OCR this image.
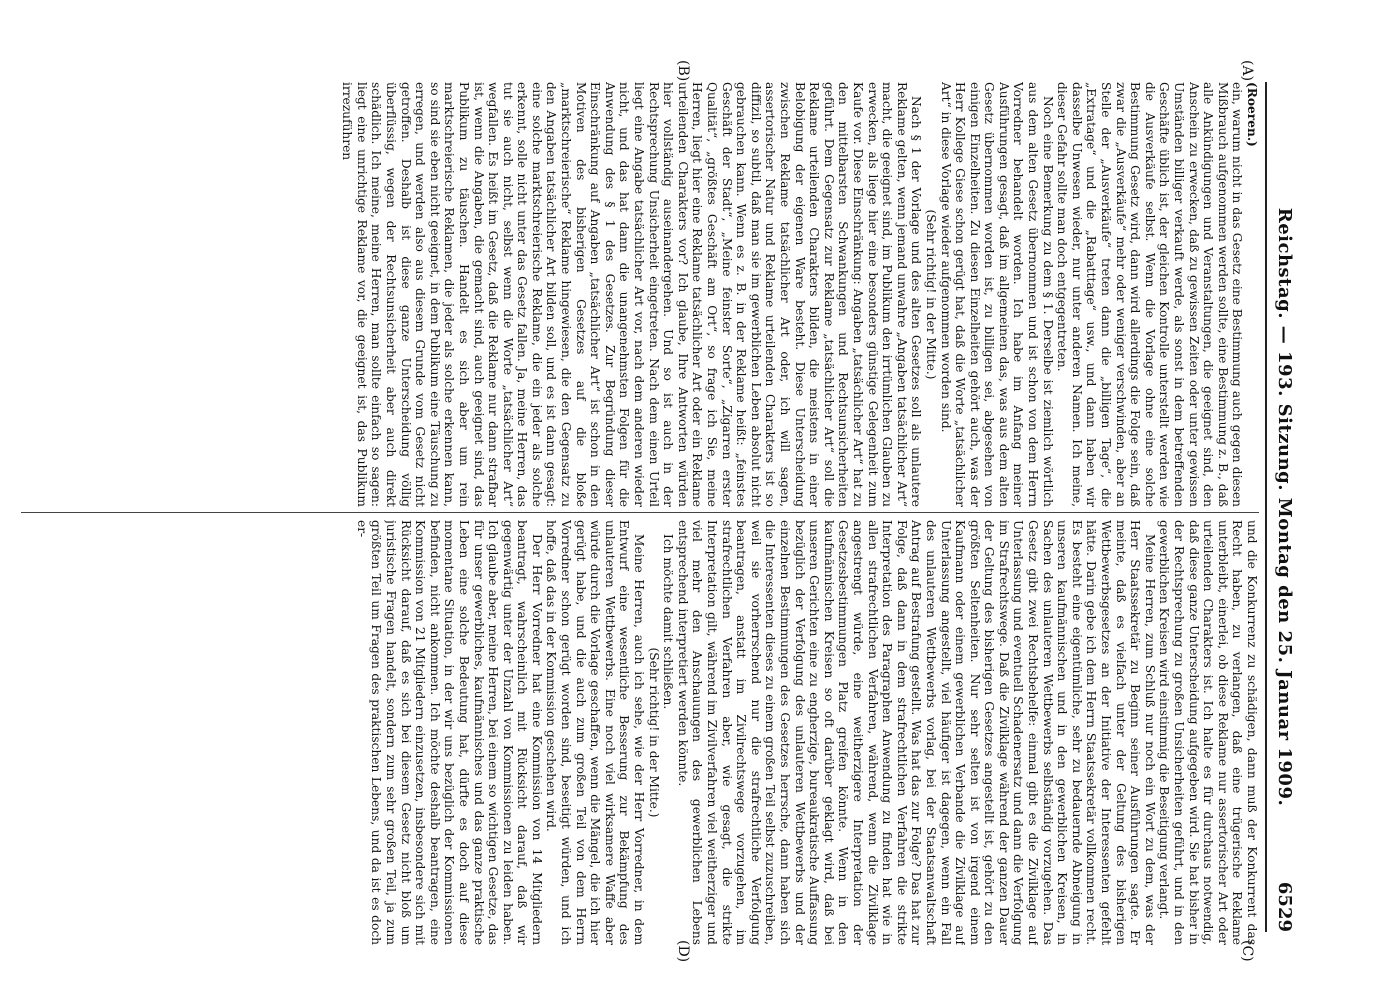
Reichstag. — 193. Sitzung. Montag den 25. Januar 1909.
6529
(A)
(B)
(C)
(D)

(Roeren.)

ein, warum nicht in das Gesetz eine Bestimmung auch gegen diesen Mißbrauch aufgenommen werden sollte, eine Bestimmung z. B., daß alle Ankündigungen und Veranstaltungen, die geeignet sind, den Anschein zu erwecken, daß zu gewissen Zeiten oder unter gewissen Umständen billiger verkauft werde, als sonst in dem betreffenden Geschäfte üblich ist, der gleichen Kontrolle unterstellt werden wie die Ausverkäufe selbst. Wenn die Vorlage ohne eine solche Bestimmung Gesetz wird, dann wird allerdings die Folge sein, daß zwar die „Ausverkäufe“ mehr oder weniger verschwinden, aber an Stelle der „Ausverkäufe“ treten dann die „billigen Tage“, die „Extratage“ und die „Rabatttage“ usw., und dann haben wir dasselbe Unwesen wieder, nur unter anderen Namen. Ich meine, dieser Gefahr sollte man doch entgegentreten.

Noch eine Bemerkung zu dem § 1. Derselbe ist ziemlich wörtlich aus dem alten Gesetz übernommen und ist schon von dem Herrn Vorredner behandelt worden. Ich habe im Anfang meiner Ausführungen gesagt, daß im allgemeinen das, was aus dem alten Gesetz übernommen worden ist, zu billigen sei, abgesehen von einigen Einzelheiten. Zu diesen Einzelheiten gehört auch, was der Herr Kollege Giese schon gerügt hat, daß die Worte „tatsächlicher Art“ in diese Vorlage wieder aufgenommen worden sind.

(Sehr richtig! in der Mitte.)

Nach § 1 der Vorlage und des alten Gesetzes soll als unlautere Reklame gelten, wenn jemand unwahre „Angaben tatsächlicher Art“ macht, die geeignet sind, im Publikum den irrtümlichen Glauben zu erwecken, als liege hier eine besonders günstige Gelegenheit zum Kaufe vor. Diese Einschränkung: Angaben „tatsächlicher Art“ hat zu den mittelbarsten Schwankungen und Rechtsunsicherheiten geführt. Dem Gegensatz zur Reklame „tatsächlicher Art“ soll die Reklame urteilenden Charakters bilden, die meistens in einer Belobigung der eigenen Ware besteht. Diese Unterscheidung zwischen Reklame tatsächlicher Art oder, ich will sagen, assertorischer Natur und Reklame urteilenden Charakters ist so diffizil, so subtil, daß man sie im gewerblichen Leben absolut nicht gebrauchen kann. Wenn es z. B. in der Reklame heißt: „feinstes Geschäft der Stadt“, „Meine feinster Sorte“, „Zigarren erster Qualität“, „größtes Geschäft am Ort“, so frage ich Sie, meine Herren, liegt hier eine Reklame tatsächlicher Art oder ein Reklame urteilenden Charakters vor? Ich glaube, Ihre Antworten würden hier vollständig auseinandergehen. Und so ist auch in der Rechtsprechung Unsicherheit eingetreten. Nach dem einen Urteil liegt eine Angabe tatsächlicher Art vor, nach dem anderen wieder nicht, und das hat dann die unangenehmsten Folgen für die Anwendung des § 1 des Gesetzes. Zur Begründung dieser Einschränkung auf Angaben „tatsächlicher Art“ ist schon in den Motiven des bisherigen Gesetzes auf die bloße „marktschreierische“ Reklame hingewiesen, die den Gegensatz zu den Angaben tatsächlicher Art bilden soll, und es ist dann gesagt: eine solche marktschreierische Reklame, die ein jeder als solche erkennt, solle nicht unter das Gesetz fallen. Ja, meine Herren, das tut sie auch nicht, selbst wenn die Worte „tatsächlicher Art“ wegfallen. Es heißt im Gesetz, daß die Reklame nur dann strafbar ist, wenn die Angaben, die gemacht sind, auch geeignet sind, das Publikum zu täuschen. Handelt es sich aber um rein marktschreierische Reklamen, die jeder als solche erkennen kann, so sind sie eben nicht geeignet, in dem Publikum eine Täuschung zu erregen, und werden also aus diesem Grunde vom Gesetz nicht getroffen. Deshalb ist diese ganze Unterscheidung völlig überflüssig, wegen der Rechtsunsicherheit aber auch direkt schädlich. Ich meine, meine Herren, man sollte einfach so sagen: liegt eine unrichtige Reklame vor, die geeignet ist, das Publikum irrezuführen

und die Konkurrenz zu schädigen, dann muß der Konkurrent das Recht haben, zu verlangen, daß eine trügerische Reklame unterbleibt, einerlei, ob diese Reklame nur assertorischer Art oder urteilenden Charakters ist. Ich halte es für durchaus notwendig, daß diese ganze Unterscheidung aufgegeben wird. Sie hat bisher in der Rechtsprechung zu großen Unsicherheiten geführt, und in den gewerblichen Kreisen wird einstimmig die Beseitigung verlangt.

Meine Herren, zum Schluß nur noch ein Wort zu dem, was der Herr Staatssekretär zu Beginn seiner Ausführungen sagte. Er meinte, daß es vielfach unter der Geltung des bisherigen Wettbewerbsgesetzes an der Initiative der Interessenten gefehlt hätte. Darin gebe ich dem Herrn Staatssekretär vollkommen recht. Es besteht eine eigentümliche, sehr zu bedauernde Abneigung in unseren kaufmännischen und in den gewerblichen Kreisen, in Sachen des unlauteren Wettbewerbs selbständig vorzugehen. Das Gesetz gibt zwei Rechtsbehelfe: einmal gibt es die Zivilklage auf Unterlassung und eventuell Schadenersatz und dann die Verfolgung im Strafrechtswege. Daß die Zivilklage während der ganzen Dauer der Geltung des bisherigen Gesetzes angestellt ist, gehört zu den größten Seltenheiten. Nur sehr selten ist von irgend einem Kaufmann oder einem gewerblichen Verbande die Zivilklage auf Unterlassung angestellt, viel häufiger ist dagegen, wenn ein Fall des unlauteren Wettbewerbs vorlag, bei der Staatsanwaltschaft Antrag auf Bestrafung gestellt. Was hat das zur Folge? Das hat zur Folge, daß dann in dem strafrechtlichen Verfahren die strikte Interpretation des Paragraphen Anwendung zu finden hat wie in allen strafrechtlichen Verfahren, während, wenn die Zivilklage angestrengt würde, eine weitherzigere Interpretation der Gesetzesbestimmungen Platz greifen könnte. Wenn in den kaufmännischen Kreisen so oft darüber geklagt wird, daß bei unseren Gerichten eine zu engherzige, bureaukratische Auffassung bezüglich der Verfolgung des unlauteren Wettbewerbs und der einzelnen Bestimmungen des Gesetzes herrsche, dann haben sich die Interessenten dieses zu einem großen Teil selbst zuzuschreiben, weil sie vorherrschend nur die strafrechtliche Verfolgung beantragen, anstatt im Zivilrechtswege vorzugehen, im strafrechtlichen Verfahren aber, wie gesagt, die strikte Interpretation gilt, während im Zivilverfahren viel weitherziger und viel mehr den Anschauungen des gewerblichen Lebens entsprechend interpretiert werden könnte.

Ich möchte damit schließen.

(Sehr richtig! in der Mitte.)

Meine Herren, auch ich sehe, wie der Herr Vorredner, in dem Entwurf eine wesentliche Besserung zur Bekämpfung des unlauteren Wettbewerbs. Eine noch viel wirksamere Waffe aber würde durch die Vorlage geschaffen, wenn die Mängel, die ich hier gerügt habe, und die auch zum großen Teil von dem Herrn Vorredner schon gerügt worden sind, beseitigt würden, und ich hoffe, daß das in der Kommission geschehen wird.

Der Herr Vorredner hat eine Kommission von 14 Mitgliedern beantragt, wahrscheinlich mit Rücksicht darauf, daß wir gegenwärtig unter der Unzahl von Kommissionen zu leiden haben. Ich glaube aber, meine Herren, bei einem so wichtigen Gesetze, das für unser gewerbliches, kaufmännisches und das ganze praktische Leben eine solche Bedeutung hat, dürfte es doch auf diese momentane Situation, in der wir uns bezüglich der Kommissionen befinden, nicht ankommen. Ich möchte deshalb beantragen, eine Kommission von 21 Mitgliedern einzusetzen, insbesondere sich mit Rücksicht darauf, daß es sich bei diesem Gesetz nicht bloß um juristische Fragen handelt, sondern zum sehr großen Teil, ja zum größten Teil um Fragen des praktischen Lebens, und da ist es doch er-
